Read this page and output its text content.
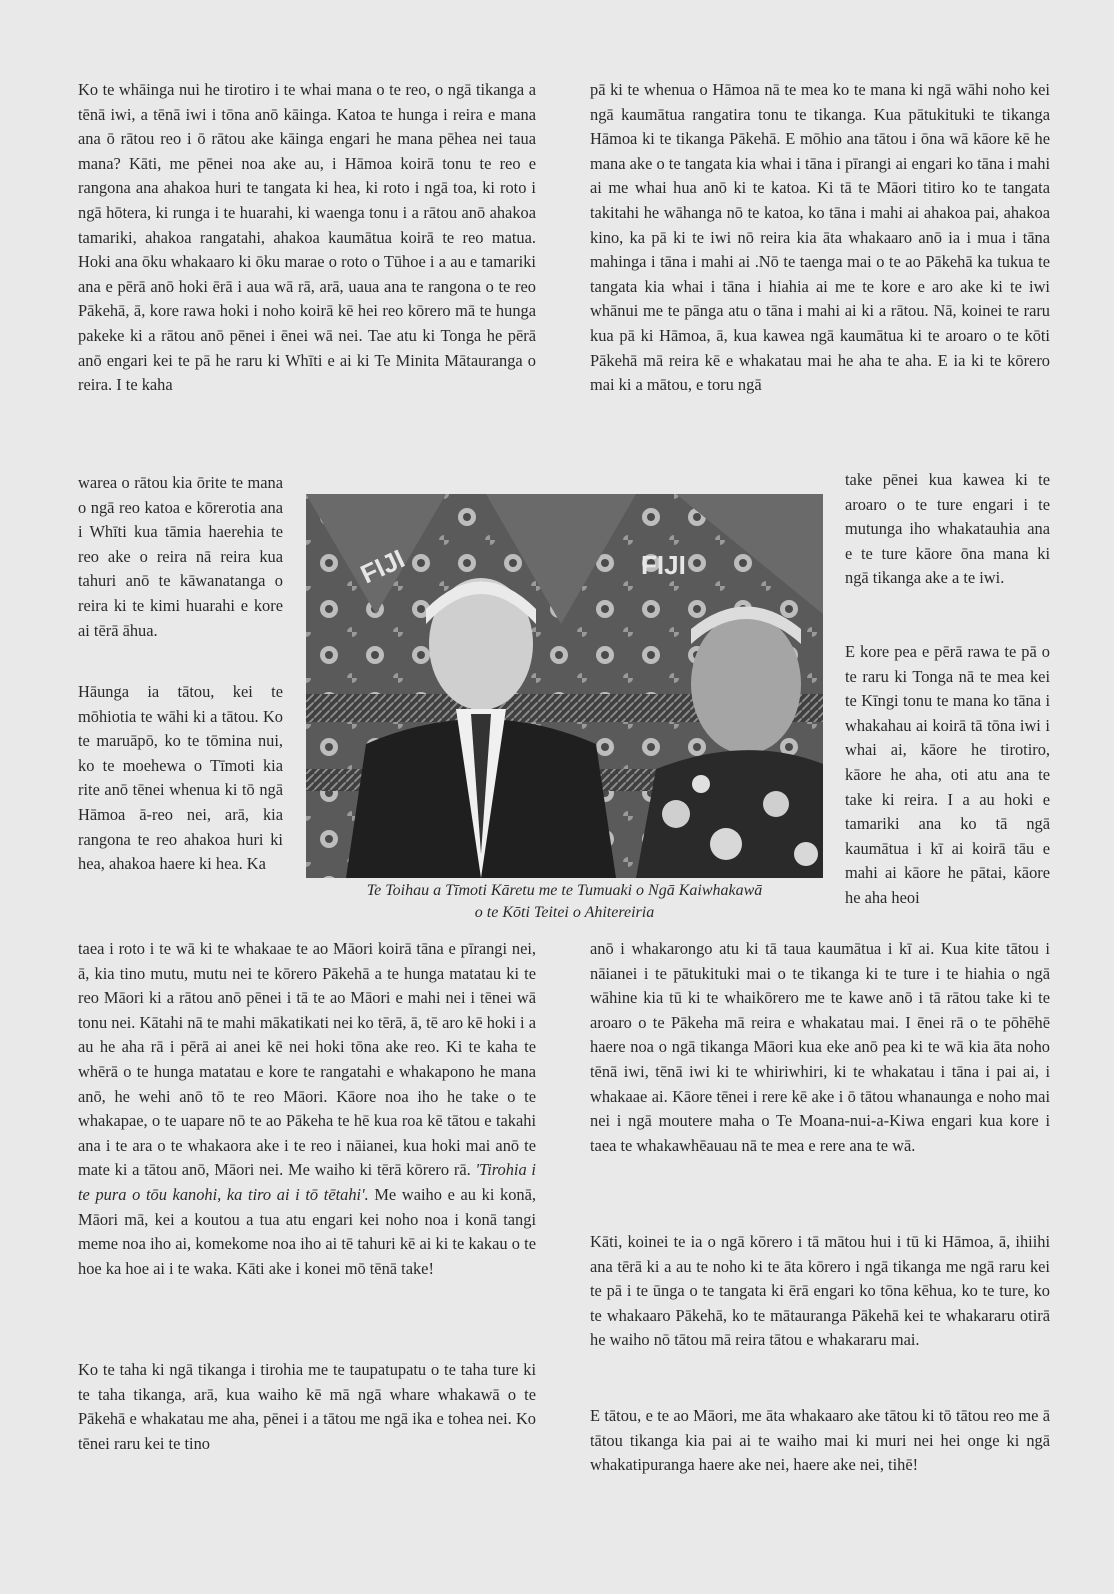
Ko te whāinga nui he tirotiro i te whai mana o te reo, o ngā tikanga a tēnā iwi, a tēnā iwi i tōna anō kāinga. Katoa te hunga i reira e mana ana ō rātou reo i ō rātou ake kāinga engari he mana pēhea nei taua mana? Kāti, me pēnei noa ake au, i Hāmoa koirā tonu te reo e rangona ana ahakoa huri te tangata ki hea, ki roto i ngā toa, ki roto i ngā hōtera, ki runga i te huarahi, ki waenga tonu i a rātou anō ahakoa tamariki, ahakoa rangatahi, ahakoa kaumātua koirā te reo matua. Hoki ana ōku whakaaro ki ōku marae o roto o Tūhoe i a au e tamariki ana e pērā anō hoki ērā i aua wā rā, arā, uaua ana te rangona o te reo Pākehā, ā, kore rawa hoki i noho koirā kē hei reo kōrero mā te hunga pakeke ki a rātou anō pēnei i ēnei wā nei. Tae atu ki Tonga he pērā anō engari kei te pā he raru ki Whīti e ai ki Te Minita Mātauranga o reira. I te kaha

warea o rātou kia ōrite te mana o ngā reo katoa e kōrerotia ana i Whīti kua tāmia haerehia te reo ake o reira nā reira kua tahuri anō te kāwanatanga o reira ki te kimi huarahi e kore ai tērā āhua.

Hāunga ia tātou, kei te mōhiotia te wāhi ki a tātou. Ko te maruāpō, ko te tōmina nui, ko te moehewa o Tīmoti kia rite anō tēnei whenua ki tō ngā Hāmoa ā-reo nei, arā, kia rangona te reo ahakoa huri ki hea, ahakoa haere ki hea. Ka

taea i roto i te wā ki te whakaae te ao Māori koirā tāna e pīrangi nei, ā, kia tino mutu, mutu nei te kōrero Pākehā a te hunga matatau ki te reo Māori ki a rātou anō pēnei i tā te ao Māori e mahi nei i tēnei wā tonu nei. Kātahi nā te mahi mākatikati nei ko tērā, ā, tē aro kē hoki i a au he aha rā i pērā ai anei kē nei hoki tōna ake reo. Ki te kaha te whērā o te hunga matatau e kore te rangatahi e whakapono he mana anō, he wehi anō tō te reo Māori. Kāore noa iho he take o te whakapae, o te uapare nō te ao Pākeha te hē kua roa kē tātou e takahi ana i te ara o te whakaora ake i te reo i nāianei, kua hoki mai anō te mate ki a tātou anō, Māori nei. Me waiho ki tērā kōrero rā. 'Tirohia i te pura o tōu kanohi, ka tiro ai i tō tētahi'. Me waiho e au ki konā, Māori mā, kei a koutou a tua atu engari kei noho noa i konā tangi meme noa iho ai, komekome noa iho ai tē tahuri kē ai ki te kakau o te hoe ka hoe ai i te waka. Kāti ake i konei mō tēnā take!

Ko te taha ki ngā tikanga i tirohia me te taupatupatu o te taha ture ki te taha tikanga, arā, kua waiho kē mā ngā whare whakawā o te Pākehā e whakatau me aha, pēnei i a tātou me ngā ika e tohea nei. Ko tēnei raru kei te tino

pā ki te whenua o Hāmoa nā te mea ko te mana ki ngā wāhi noho kei ngā kaumātua rangatira tonu te tikanga. Kua pātukituki te tikanga Hāmoa ki te tikanga Pākehā. E mōhio ana tātou i ōna wā kāore kē he mana ake o te tangata kia whai i tāna i pīrangi ai engari ko tāna i mahi ai me whai hua anō ki te katoa. Ki tā te Māori titiro ko te tangata takitahi he wāhanga nō te katoa, ko tāna i mahi ai ahakoa pai, ahakoa kino, ka pā ki te iwi nō reira kia āta whakaaro anō ia i mua i tāna mahinga i tāna i mahi ai .Nō te taenga mai o te ao Pākehā ka tukua te tangata kia whai i tāna i hiahia ai me te kore e aro ake ki te iwi whānui me te pānga atu o tāna i mahi ai ki a rātou. Nā, koinei te raru kua pā ki Hāmoa, ā, kua kawea ngā kaumātua ki te aroaro o te kōti Pākehā mā reira kē e whakatau mai he aha te aha. E ia ki te kōrero mai ki a mātou, e toru ngā

take pēnei kua kawea ki te aroaro o te ture engari i te mutunga iho whakatauhia ana e te ture kāore ōna mana ki ngā tikanga ake a te iwi.

E kore pea e pērā rawa te pā o te raru ki Tonga nā te mea kei te Kīngi tonu te mana ko tāna i whakahau ai koirā tā tōna iwi i whai ai, kāore he tirotiro, kāore he aha, oti atu ana te take ki reira. I a au hoki e tamariki ana ko tā ngā kaumātua i kī ai koirā tāu e mahi ai kāore he pātai, kāore he aha heoi

anō i whakarongo atu ki tā taua kaumātua i kī ai. Kua kite tātou i nāianei i te pātukituki mai o te tikanga ki te ture i te hiahia o ngā wāhine kia tū ki te whaikōrero me te kawe anō i tā rātou take ki te aroaro o te Pākeha mā reira e whakatau mai. I ēnei rā o te pōhēhē haere noa o ngā tikanga Māori kua eke anō pea ki te wā kia āta noho tēnā iwi, tēnā iwi ki te whiriwhiri, ki te whakatau i tāna i pai ai, i whakaae ai. Kāore tēnei i rere kē ake i ō tātou whanaunga e noho mai nei i ngā moutere maha o Te Moana-nui-a-Kiwa engari kua kore i taea te whakawhēauau nā te mea e rere ana te wā.

Kāti, koinei te ia o ngā kōrero i tā mātou hui i tū ki Hāmoa, ā, ihiihi ana tērā ki a au te noho ki te āta kōrero i ngā tikanga me ngā raru kei te pā i te ūnga o te tangata ki ērā engari ko tōna kēhua, ko te ture, ko te whakaaro Pākehā, ko te mātauranga Pākehā kei te whakararu otirā he waiho nō tātou mā reira tātou e whakararu mai.

E tātou, e te ao Māori, me āta whakaaro ake tātou ki tō tātou reo me ā tātou tikanga kia pai ai te waiho mai ki muri nei hei onge ki ngā whakatipuranga haere ake nei, haere ake nei, tihē!

FIJI	FIJI
Te Toihau a Tīmoti Kāretu me te Tumuaki o Ngā Kaiwhakawā
o te Kōti Teitei o Ahitereiria
